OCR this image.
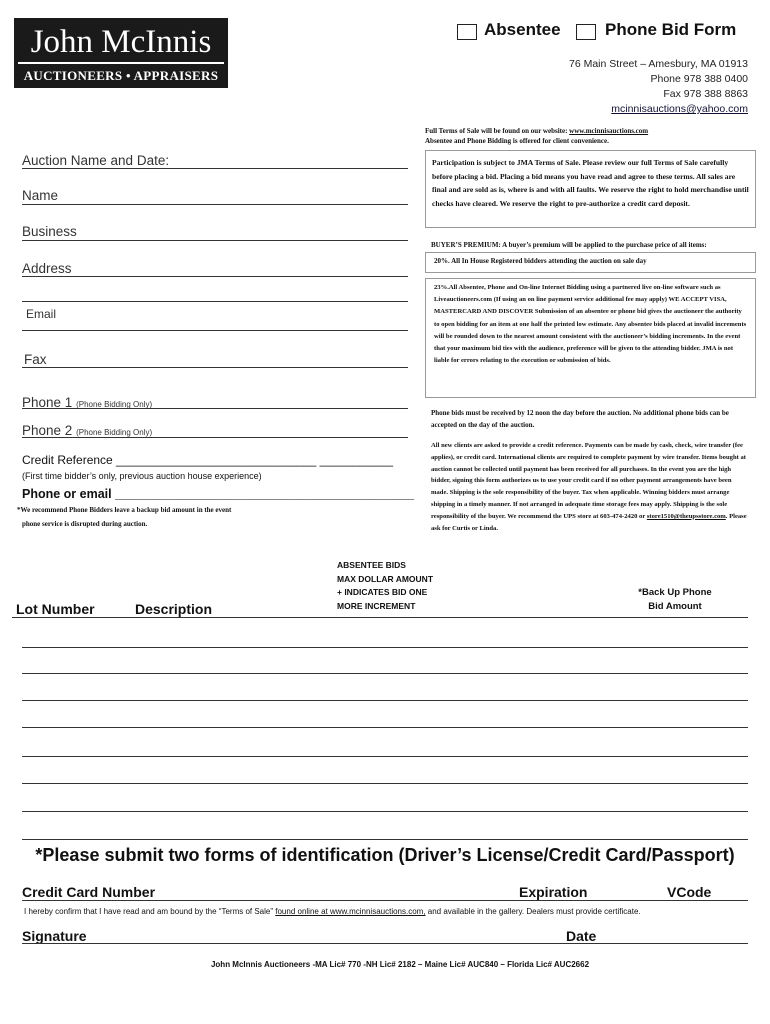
John McInnis
AUCTIONEERS • APPRAISERS
Absentee	Phone Bid Form
76 Main Street – Amesbury, MA 01913
Phone 978 388 0400
Fax 978 388 8863
mcinnisauctions@yahoo.com
Full Terms of Sale will be found on our website: www.mcinnisauctions.com
Absentee and Phone Bidding is offered for client convenience.
Auction Name and Date:
Name
Business
Address
Email
Fax
Phone 1 (Phone Bidding Only)
Phone 2 (Phone Bidding Only)
Credit Reference ______________________________ ___________
(First time bidder’s only, previous auction house experience)
Phone or email ___________________________________________
*We recommend Phone Bidders leave a backup bid amount in the event
phone service is disrupted during auction.
Participation is subject to JMA Terms of Sale. Please review our full Terms of Sale carefully before placing a bid. Placing a bid means you have read and agree to these terms. All sales are final and are sold as is, where is and with all faults. We reserve the right to hold merchandise until checks have cleared. We reserve the right to pre-authorize a credit card deposit.
BUYER’S PREMIUM: A buyer’s premium will be applied to the purchase price of all items:
20%. All In House Registered bidders attending the auction on sale day
23%.All Absentee, Phone and On-line Internet Bidding using a partnered live on-line software such as Liveauctioneers.com (If using an on line payment service additional fee may apply) WE ACCEPT VISA, MASTERCARD AND DISCOVER Submission of an absentee or phone bid gives the auctioneer the authority to open bidding for an item at one half the printed low estimate. Any absentee bids placed at invalid increments will be rounded down to the nearest amount consistent with the auctioneer’s bidding increments. In the event that your maximum bid ties with the audience, preference will be given to the attending bidder. JMA is not liable for errors relating to the execution or submission of bids.
Phone bids must be received by 12 noon the day before the auction. No additional phone bids can be accepted on the day of the auction.
All new clients are asked to provide a credit reference. Payments can be made by cash, check, wire transfer (fee applies), or credit card. International clients are required to complete payment by wire transfer. Items bought at auction cannot be collected until payment has been received for all purchases. In the event you are the high bidder, signing this form authorizes us to use your credit card if no other payment arrangements have been made. Shipping is the sole responsibility of the buyer. Tax when applicable. Winning bidders must arrange shipping in a timely manner. If not arranged in adequate time storage fees may apply. Shipping is the sole responsibility of the buyer. We recommend the UPS store at 603-474-2420 or store1510@theupsstore.com. Please ask for Curtis or Linda.
ABSENTEE BIDS
MAX DOLLAR AMOUNT
+ INDICATES BID ONE
MORE INCREMENT
*Back Up Phone
Bid Amount
Lot Number	Description
*Please submit two forms of identification (Driver’s License/Credit Card/Passport)
Credit Card Number	Expiration	VCode
I hereby confirm that I have read and am bound by the “Terms of Sale” found online at www.mcinnisauctions.com, and available in the gallery. Dealers must provide certificate.
Signature	Date
John McInnis Auctioneers -MA Lic# 770 -NH Lic# 2182 – Maine Lic# AUC840 – Florida Lic# AUC2662
